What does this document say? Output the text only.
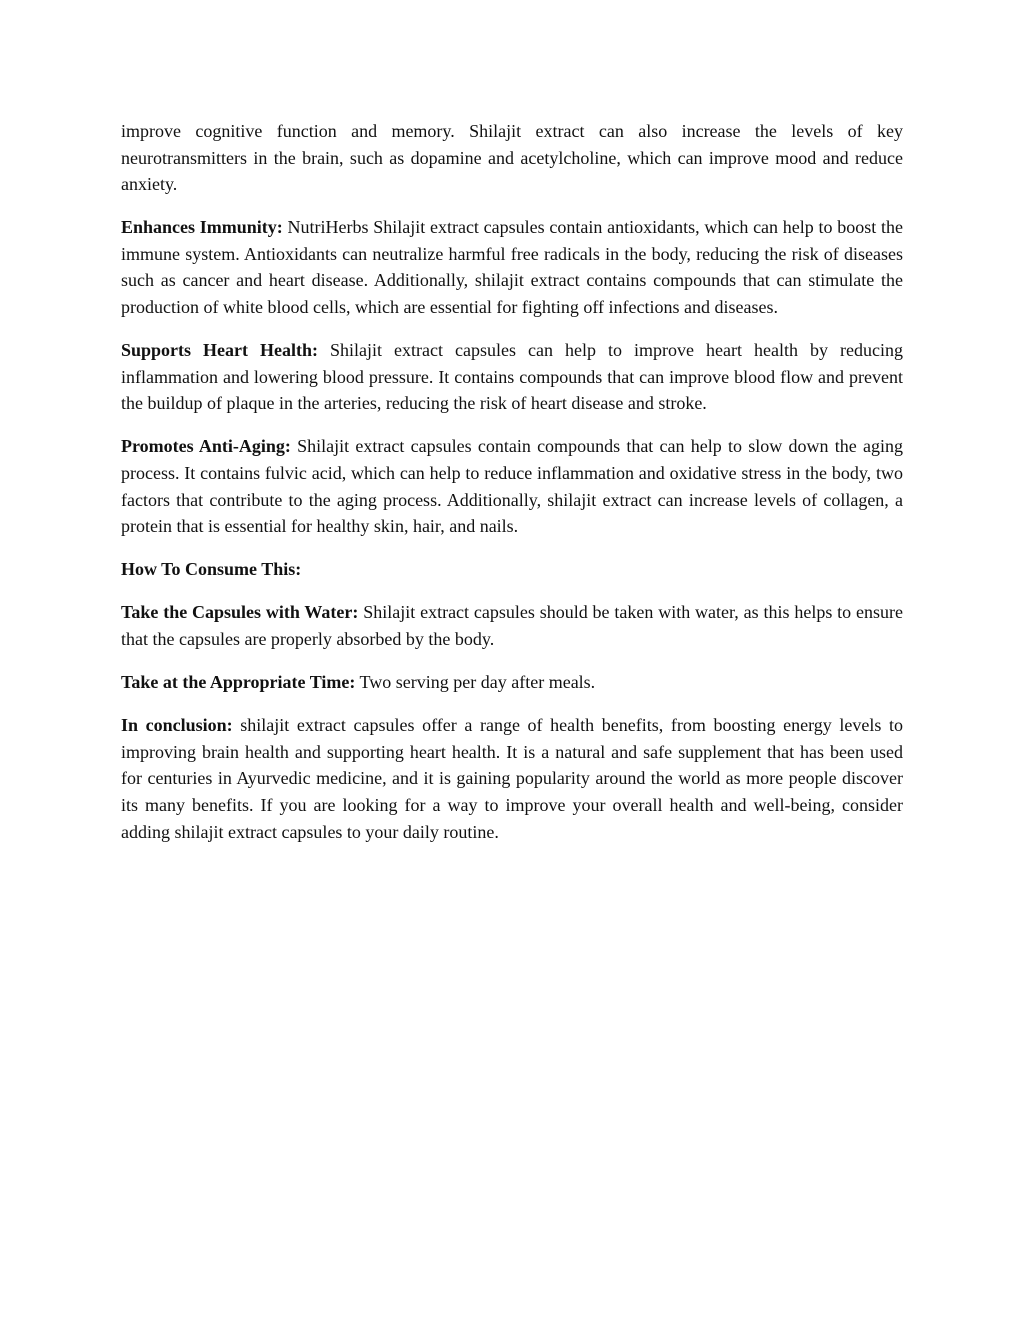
improve cognitive function and memory. Shilajit extract can also increase the levels of key neurotransmitters in the brain, such as dopamine and acetylcholine, which can improve mood and reduce anxiety.

Enhances Immunity: NutriHerbs Shilajit extract capsules contain antioxidants, which can help to boost the immune system. Antioxidants can neutralize harmful free radicals in the body, reducing the risk of diseases such as cancer and heart disease. Additionally, shilajit extract contains compounds that can stimulate the production of white blood cells, which are essential for fighting off infections and diseases.

Supports Heart Health: Shilajit extract capsules can help to improve heart health by reducing inflammation and lowering blood pressure. It contains compounds that can improve blood flow and prevent the buildup of plaque in the arteries, reducing the risk of heart disease and stroke.

Promotes Anti-Aging: Shilajit extract capsules contain compounds that can help to slow down the aging process. It contains fulvic acid, which can help to reduce inflammation and oxidative stress in the body, two factors that contribute to the aging process. Additionally, shilajit extract can increase levels of collagen, a protein that is essential for healthy skin, hair, and nails.

How To Consume This:

Take the Capsules with Water: Shilajit extract capsules should be taken with water, as this helps to ensure that the capsules are properly absorbed by the body.

Take at the Appropriate Time: Two serving per day after meals.

In conclusion: shilajit extract capsules offer a range of health benefits, from boosting energy levels to improving brain health and supporting heart health. It is a natural and safe supplement that has been used for centuries in Ayurvedic medicine, and it is gaining popularity around the world as more people discover its many benefits. If you are looking for a way to improve your overall health and well-being, consider adding shilajit extract capsules to your daily routine.
